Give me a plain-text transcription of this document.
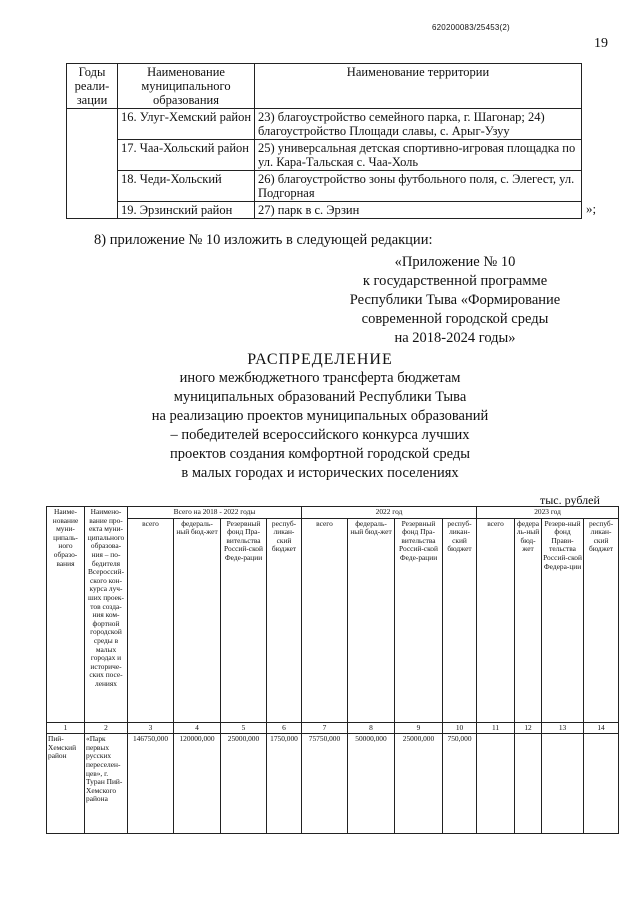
620200083/25453(2)
19
Годы реали-зации	Наименование муниципального образования	Наименование территории
	16. Улуг-Хемский район	23) благоустройство семейного парка, г. Шагонар; 24) благоустройство Площади славы, с. Арыг-Узуу
	17. Чаа-Хольский район	25) универсальная детская спортивно-игровая площадка по ул. Кара-Тальская с. Чаа-Холь
	18. Чеди-Хольский	26) благоустройство зоны футбольного поля, с. Элегест, ул. Подгорная
	19. Эрзинский район	27) парк в с. Эрзин	»;
8) приложение № 10 изложить в следующей редакции:
«Приложение № 10
к государственной программе
Республики Тыва «Формирование
современной городской среды
на 2018-2024 годы»
РАСПРЕДЕЛЕНИЕ
иного межбюджетного трансферта бюджетам
муниципальных образований Республики Тыва
на реализацию проектов муниципальных образований
– победителей всероссийского конкурса лучших
проектов создания комфортной городской среды
в малых городах и исторических поселениях
тыс. рублей
Наиме-нование муни-ципаль-ного образо-вания	Наимено-вание про-екта муни-ципального образова-ния – по-бедителя Всероссий-ского кон-курса луч-ших проек-тов созда-ния ком-фортной городской среды в малых городах и историче-ских посе-лениях	Всего на 2018 - 2022 годы				2022 год				2023 год			
		всего	федераль-ный бюд-жет	Резервный фонд Пра-вительства Россий-ской Феде-рации	респуб-ликан-ский бюджет	всего	федераль-ный бюд-жет	Резервный фонд Пра-вительства Россий-ской Феде-рации	респуб-ликан-ский бюджет	всего	федераль-ный бюд-жет	Резерв-ный фонд Прави-тельства Россий-ской Федера-ции	респуб-ликан-ский бюджет
1	2	3	4	5	6	7	8	9	10	11	12	13	14
Пий-Хемский район	«Парк первых русских переселен-цев», г. Туран Пий-Хемского района	146750,000	120000,000	25000,000	1750,000	75750,000	50000,000	25000,000	750,000				
